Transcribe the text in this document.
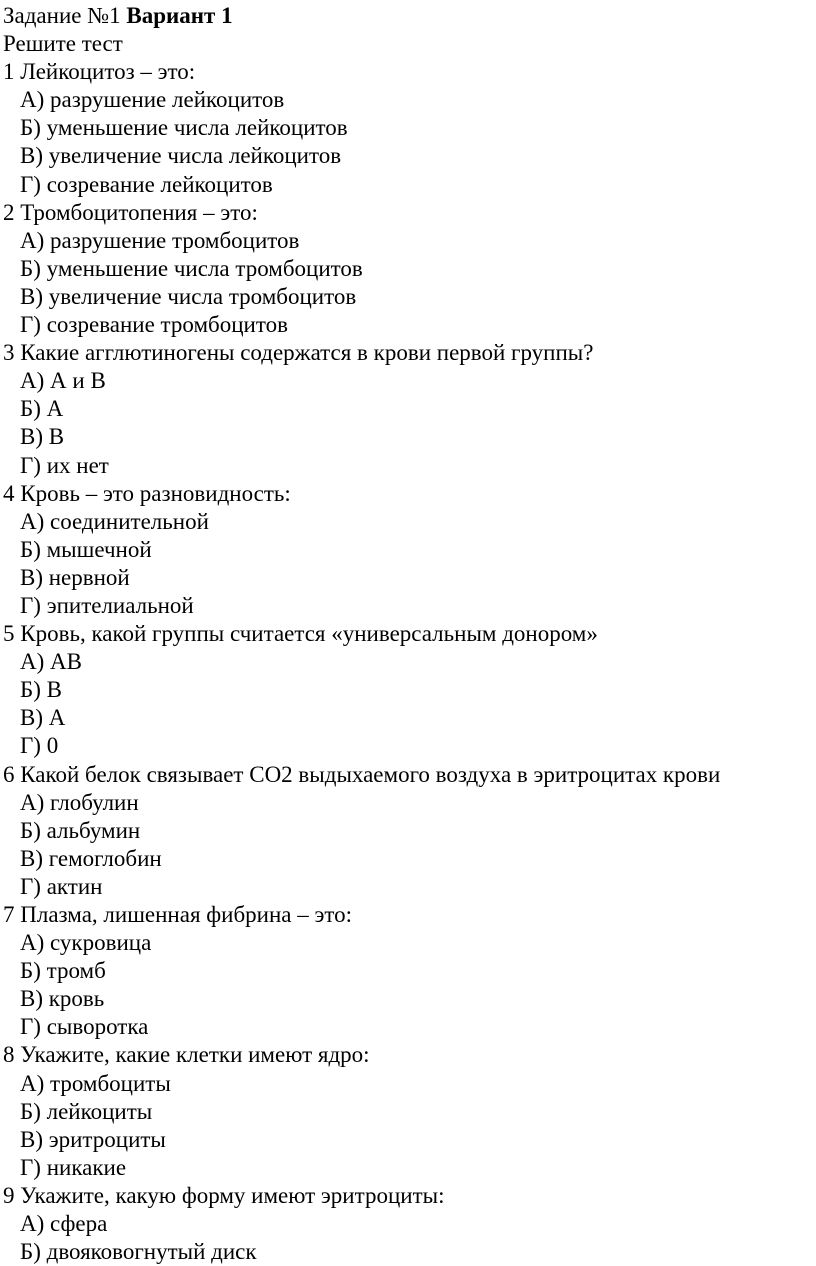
Задание №1 Вариант 1
Решите тест
1 Лейкоцитоз – это:
А) разрушение лейкоцитов
Б) уменьшение числа лейкоцитов
В) увеличение числа лейкоцитов
Г) созревание лейкоцитов
2 Тромбоцитопения – это:
А) разрушение тромбоцитов
Б) уменьшение числа тромбоцитов
В) увеличение числа тромбоцитов
Г) созревание тромбоцитов
3 Какие агглютиногены содержатся в крови первой группы?
А) А и В
Б) А
В) В
Г) их нет
4 Кровь – это разновидность:
А) соединительной
Б) мышечной
В) нервной
Г) эпителиальной
5 Кровь, какой группы считается «универсальным донором»
А) АВ
Б) В
В) А
Г) 0
6 Какой белок связывает СО2 выдыхаемого воздуха в эритроцитах крови
А) глобулин
Б) альбумин
В) гемоглобин
Г) актин
7 Плазма, лишенная фибрина – это:
А) сукровица
Б) тромб
В) кровь
Г) сыворотка
8 Укажите, какие клетки имеют ядро:
А) тромбоциты
Б) лейкоциты
В) эритроциты
Г) никакие
9 Укажите, какую форму имеют эритроциты:
А) сфера
Б) двояковогнутый диск
